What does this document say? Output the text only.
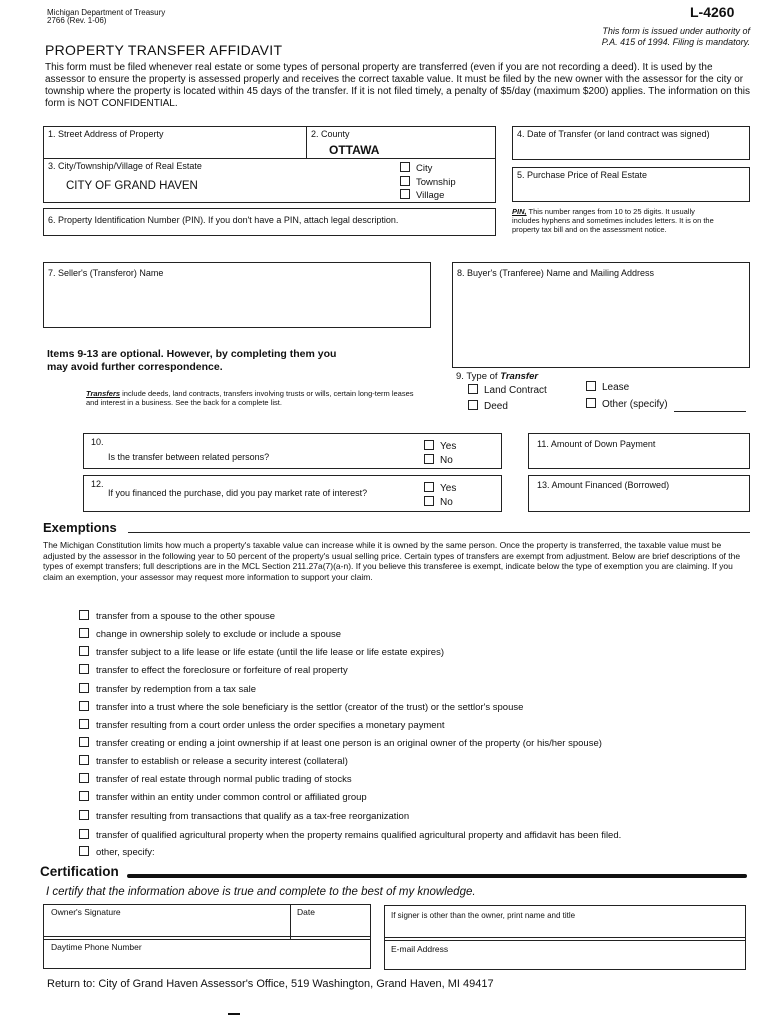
Michigan Department of Treasury
2766 (Rev. 1-06)
L-4260
This form is issued under authority of
P.A. 415 of 1994. Filing is mandatory.
PROPERTY TRANSFER AFFIDAVIT
This form must be filed whenever real estate or some types of personal property are transferred (even if you are not recording a deed). It is used by the assessor to ensure the property is assessed properly and receives the correct taxable value. It must be filed by the new owner with the assessor for the city or township where the property is located within 45 days of the transfer. If it is not filed timely, a penalty of $5/day (maximum $200) applies. The information on this form is NOT CONFIDENTIAL.
1. Street Address of Property	2. County
OTTAWA
4. Date of Transfer (or land contract was signed)
3. City/Township/Village of Real Estate
CITY OF GRAND HAVEN
City
Township
Village
5. Purchase Price of Real Estate
6. Property Identification Number (PIN). If you don't have a PIN, attach legal description.
PIN, This number ranges from 10 to 25 digits. It usually includes hyphens and sometimes includes letters. It is on the property tax bill and on the assessment notice.
7. Seller's (Transferor) Name	8. Buyer's (Tranferee) Name and Mailing Address
Items 9-13 are optional. However, by completing them you may avoid further correspondence.
Transfers include deeds, land contracts, transfers involving trusts or wills, certain long-term leases and interest in a business. See the back for a complete list.
9. Type of Transfer
Land Contract
Deed
Lease
Other (specify)
10.
Is the transfer between related persons?
Yes
No
11. Amount of Down Payment
12.
If you financed the purchase, did you pay market rate of interest?	Yes
No
13. Amount Financed (Borrowed)
Exemptions
The Michigan Constitution limits how much a property's taxable value can increase while it is owned by the same person. Once the property is transferred, the taxable value must be adjusted by the assessor in the following year to 50 percent of the property's usual selling price. Certain types of transfers are exempt from adjustment. Below are brief descriptions of the types of exempt transfers; full descriptions are in the MCL Section 211.27a(7)(a-n). If you believe this transferee is exempt, indicate below the type of exemption you are claiming. If you claim an exemption, your assessor may request more information to support your claim.
transfer from a spouse to the other spouse
change in ownership solely to exclude or include a spouse
transfer subject to a life lease or life estate (until the life lease or life estate expires)
transfer to effect the foreclosure or forfeiture of real property
transfer by redemption from a tax sale
transfer into a trust where the sole beneficiary is the settlor (creator of the trust) or the settlor's spouse
transfer resulting from a court order unless the order specifies a monetary payment
transfer creating or ending a joint ownership if at least one person is an original owner of the property (or his/her spouse)
transfer to establish or release a security interest (collateral)
transfer of real estate through normal public trading of stocks
transfer within an entity under common control or affiliated group
transfer resulting from transactions that qualify as a tax-free reorganization
transfer of qualified agricultural property when the property remains qualified agricultural property and affidavit has been filed.
other, specify:
Certification
I certify that the information above is true and complete to the best of my knowledge.
Owner's Signature	Date	If signer is other than the owner, print name and title
Daytime Phone Number	E-mail Address
Return to: City of Grand Haven Assessor's Office, 519 Washington, Grand Haven, MI 49417
